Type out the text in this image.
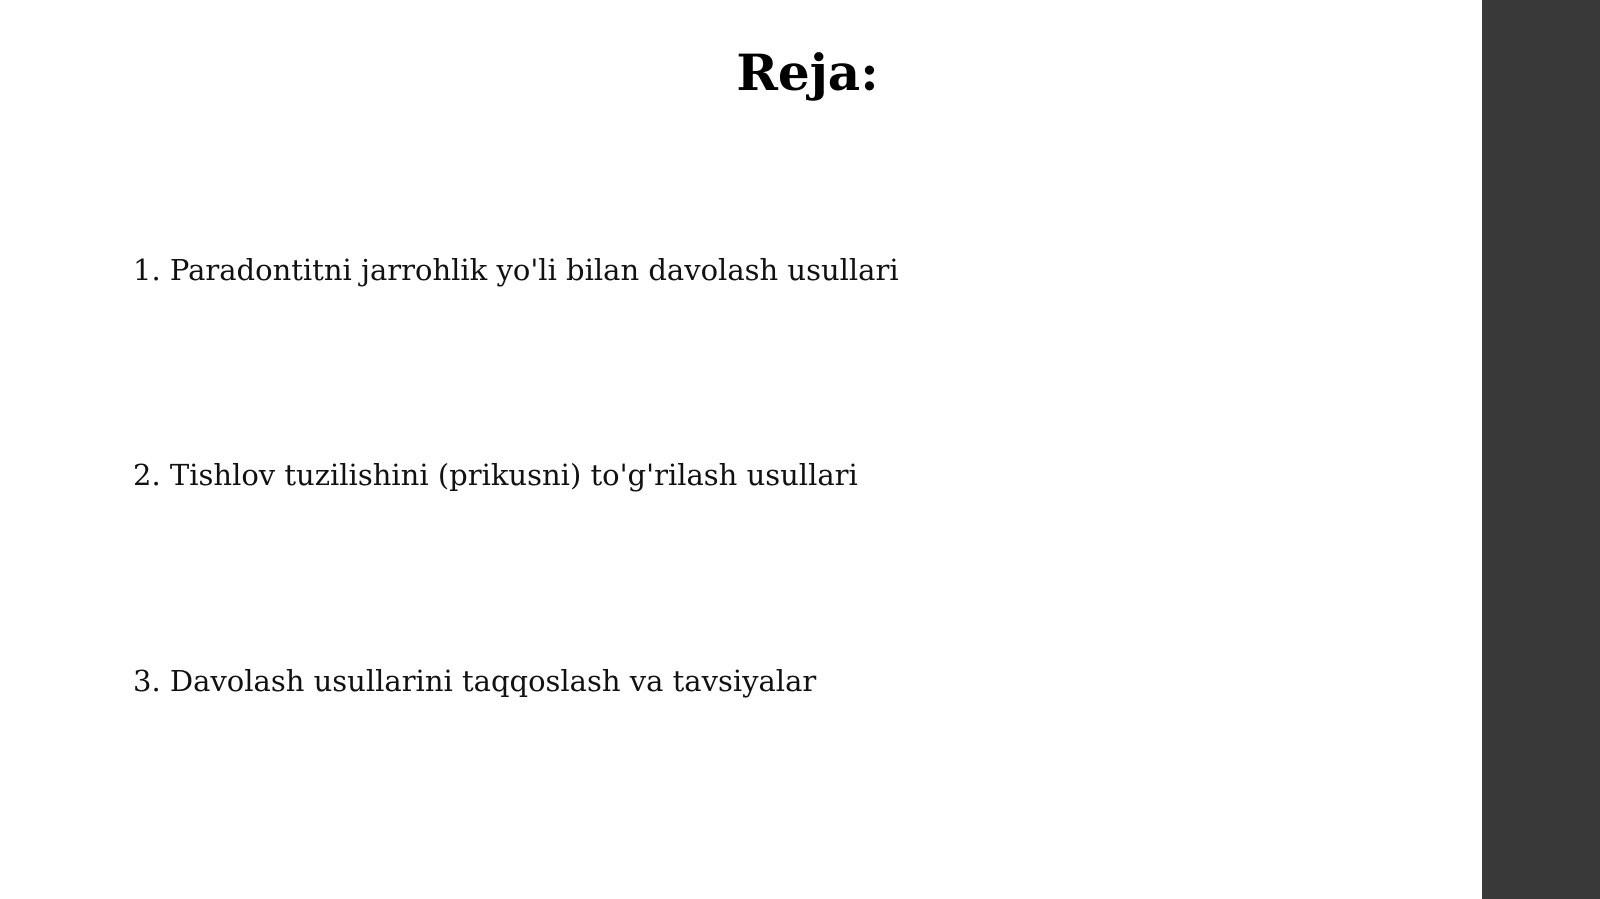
Reja:

1. Paradontitni jarrohlik yo'li bilan davolash usullari

2. Tishlov tuzilishini (prikusni) to'g'rilash usullari

3. Davolash usullarini taqqoslash va tavsiyalar
